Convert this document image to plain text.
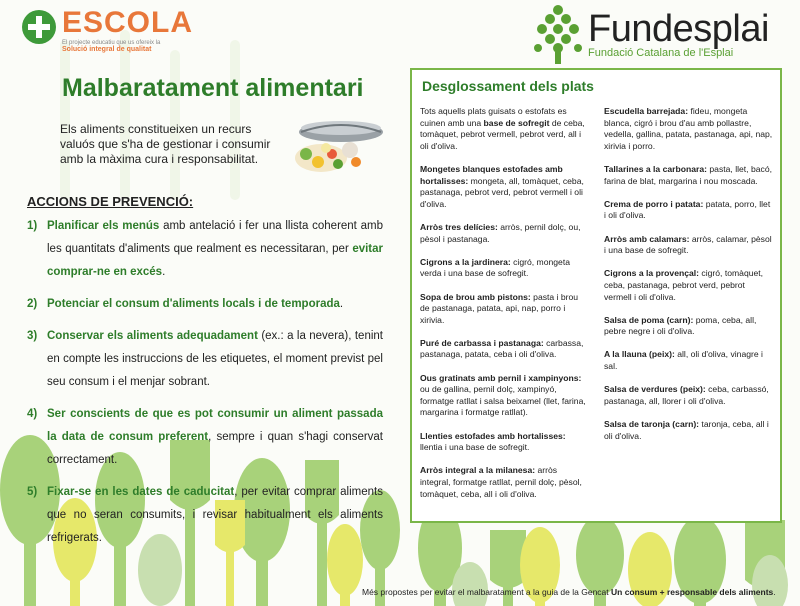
ESCOLA
El projecte educatiu que us ofereix la
Solució integral de qualitat	Fundesplai
Fundació Catalana de l'Esplai
Malbaratament alimentari
Els aliments constitueixen un recurs valuós que s'ha de gestionar i consumir amb la màxima cura i responsabilitat.
ACCIONS DE PREVENCIÓ:
1) Planificar els menús amb antelació i fer una llista coherent amb les quantitats d'aliments que realment es necessitaran, per evitar comprar-ne en excés.
2) Potenciar el consum d'aliments locals i de temporada.
3) Conservar els aliments adequadament (ex.: a la nevera), tenint en compte les instruccions de les etiquetes, el moment previst pel seu consum i el menjar sobrant.
4) Ser conscients de que es pot consumir un aliment passada la data de consum preferent, sempre i quan s'hagi conservat correctament.
5) Fixar-se en les dates de caducitat, per evitar comprar aliments que no seran consumits, i revisar habitualment els aliments refrigerats.
Desglossament dels plats

Tots aquells plats guisats o estofats es cuinen amb una base de sofregit de ceba, tomàquet, pebrot vermell, pebrot verd, all i oli d'oliva.

Mongetes blanques estofades amb hortalisses: mongeta, all, tomàquet, ceba, pastanaga, pebrot verd, pebrot vermell i oli d'oliva.

Arròs tres delícies: arròs, pernil dolç, ou, pèsol i pastanaga.

Cigrons a la jardinera: cigró, mongeta verda i una base de sofregit.

Sopa de brou amb pistons: pasta i brou de pastanaga, patata, api, nap, porro i xirivia.

Puré de carbassa i pastanaga: carbassa, pastanaga, patata, ceba i oli d'oliva.

Ous gratinats amb pernil i xampinyons: ou de gallina, pernil dolç, xampinyó, formatge ratllat i salsa beixamel (llet, farina, margarina i formatge ratllat).

Llenties estofades amb hortalisses: llentia i una base de sofregit.

Arròs integral a la milanesa: arròs integral, formatge ratllat, pernil dolç, pèsol, tomàquet, ceba, all i oli d'oliva.

Escudella barrejada: fideu, mongeta blanca, cigró i brou d'au amb pollastre, vedella, gallina, patata, pastanaga, api, nap, xirivia i porro.

Tallarines a la carbonara: pasta, llet, bacó, farina de blat, margarina i nou moscada.

Crema de porro i patata: patata, porro, llet i oli d'oliva.

Arròs amb calamars: arròs, calamar, pèsol i una base de sofregit.

Cigrons a la provençal: cigró, tomàquet, ceba, pastanaga, pebrot verd, pebrot vermell i oli d'oliva.

Salsa de poma (carn): poma, ceba, all, pebre negre i oli d'oliva.

A la llauna (peix): all, oli d'oliva, vinagre i sal.

Salsa de verdures (peix): ceba, carbassó, pastanaga, all, llorer i oli d'oliva.

Salsa de taronja (carn): taronja, ceba, all i oli d'oliva.

Més propostes per evitar el malbaratament a la guia de la Gencat Un consum + responsable dels aliments.
